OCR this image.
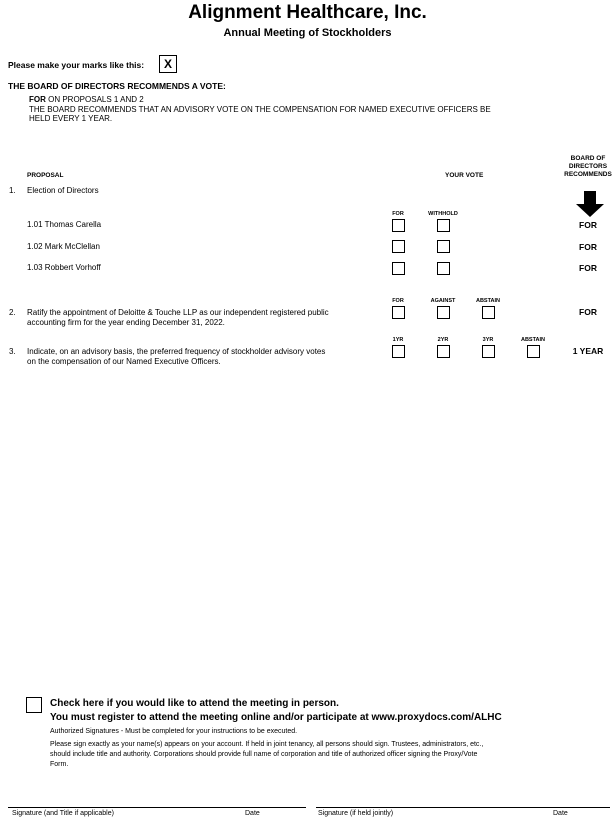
Alignment Healthcare, Inc.
Annual Meeting of Stockholders
Please make your marks like this:	X
THE BOARD OF DIRECTORS RECOMMENDS A VOTE:
FOR ON PROPOSALS 1 AND 2
THE BOARD RECOMMENDS THAT AN ADVISORY VOTE ON THE COMPENSATION FOR NAMED EXECUTIVE OFFICERS BE
HELD EVERY 1 YEAR.
PROPOSAL	YOUR VOTE
BOARD OF
DIRECTORS
RECOMMENDS
1. Election of Directors
FOR	WITHHOLD
1.01 Thomas Carella	FOR
1.02 Mark McClellan	FOR
1.03 Robbert Vorhoff	FOR
FOR	AGAINST	ABSTAIN
2. Ratify the appointment of Deloitte & Touche LLP as our independent registered public
accounting firm for the year ending December 31, 2022.
FOR
1YR	2YR	3YR	ABSTAIN
3. Indicate, on an advisory basis, the preferred frequency of stockholder advisory votes
on the compensation of our Named Executive Officers.
1 YEAR
Check here if you would like to attend the meeting in person.
You must register to attend the meeting online and/or participate at www.proxydocs.com/ALHC
Authorized Signatures - Must be completed for your instructions to be executed.
Please sign exactly as your name(s) appears on your account. If held in joint tenancy, all persons should sign. Trustees, administrators, etc.,
should include title and authority. Corporations should provide full name of corporation and title of authorized officer signing the Proxy/Vote
Form.
Signature (and Title if applicable)	Date	Signature (if held jointly)	Date
